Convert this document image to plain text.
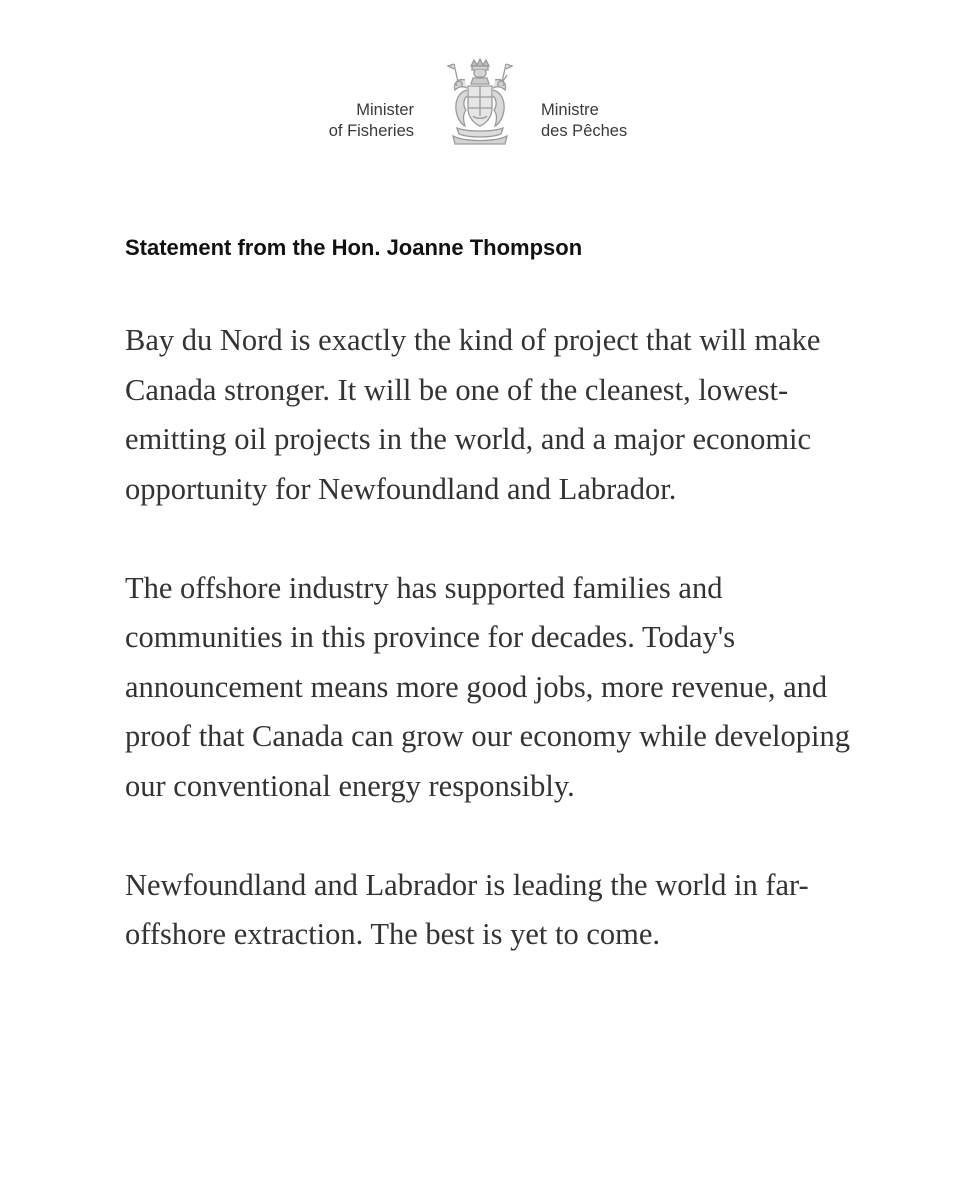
Minister
of Fisheries
Ministre
des Pêches
Statement from the Hon. Joanne Thompson

Bay du Nord is exactly the kind of project that will make Canada stronger. It will be one of the cleanest, lowest-emitting oil projects in the world, and a major economic opportunity for Newfoundland and Labrador.

The offshore industry has supported families and communities in this province for decades. Today's announcement means more good jobs, more revenue, and proof that Canada can grow our economy while developing our conventional energy responsibly.

Newfoundland and Labrador is leading the world in far-offshore extraction. The best is yet to come.
